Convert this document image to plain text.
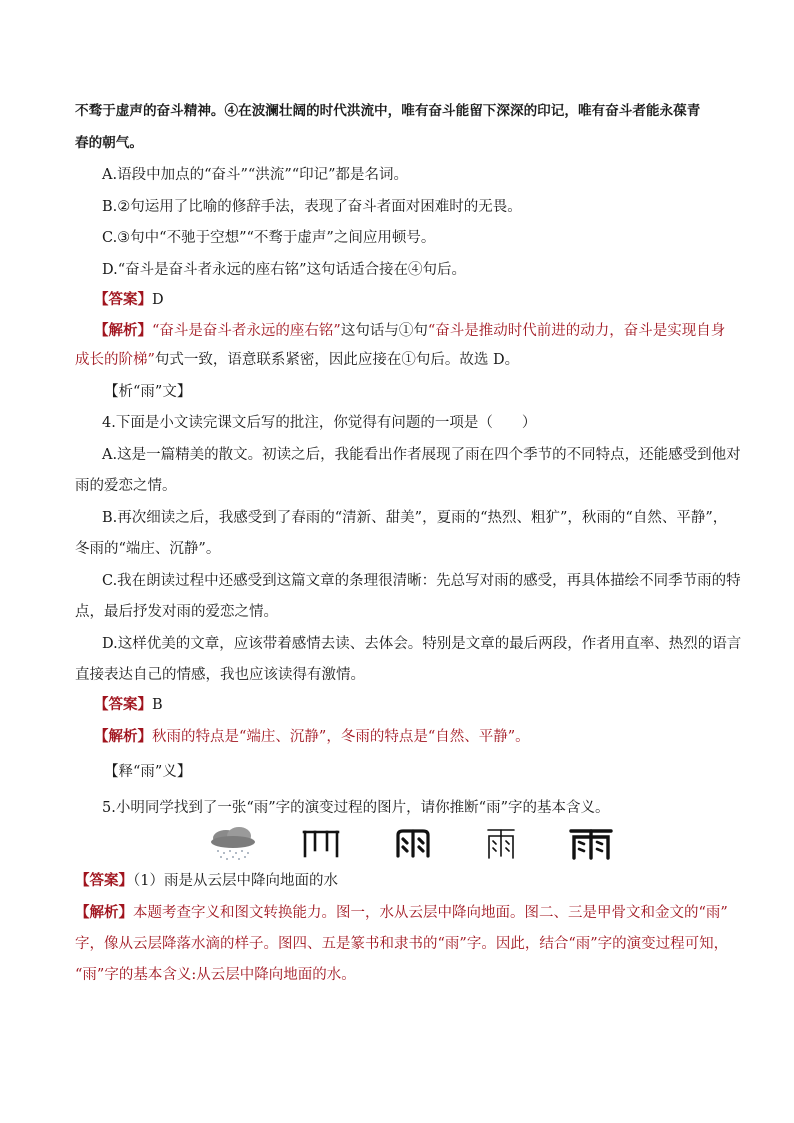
不骛于虚声的奋斗精神。④在波澜壮阔的时代洪流中，唯有奋斗能留下深深的印记，唯有奋斗者能永葆青
春的朝气。
A.语段中加点的“奋斗”“洪流”“印记”都是名词。
B.②句运用了比喻的修辞手法，表现了奋斗者面对困难时的无畏。
C.③句中“不驰于空想”“不骛于虚声”之间应用顿号。
D.“奋斗是奋斗者永远的座右铭”这句话适合接在④句后。
【答案】D
【解析】“奋斗是奋斗者永远的座右铭”这句话与①句“奋斗是推动时代前进的动力，奋斗是实现自身
成长的阶梯”句式一致，语意联系紧密，因此应接在①句后。故选 D。
【析“雨”文】
4.下面是小文读完课文后写的批注，你觉得有问题的一项是（　　）
A.这是一篇精美的散文。初读之后，我能看出作者展现了雨在四个季节的不同特点，还能感受到他对
雨的爱恋之情。
B.再次细读之后，我感受到了春雨的“清新、甜美”，夏雨的“热烈、粗犷”，秋雨的“自然、平静”，
冬雨的“端庄、沉静”。
C.我在朗读过程中还感受到这篇文章的条理很清晰：先总写对雨的感受，再具体描绘不同季节雨的特
点，最后抒发对雨的爱恋之情。
D.这样优美的文章，应该带着感情去读、去体会。特别是文章的最后两段，作者用直率、热烈的语言
直接表达自己的情感，我也应该读得有激情。
【答案】B
【解析】秋雨的特点是“端庄、沉静”，冬雨的特点是“自然、平静”。
【释“雨”义】
5.小明同学找到了一张“雨”字的演变过程的图片，请你推断“雨”字的基本含义。
【答案】（1）雨是从云层中降向地面的水
【解析】本题考查字义和图文转换能力。图一，水从云层中降向地面。图二、三是甲骨文和金文的“雨”
字，像从云层降落水滴的样子。图四、五是篆书和隶书的“雨”字。因此，结合“雨”字的演变过程可知，
“雨”字的基本含义:从云层中降向地面的水。
